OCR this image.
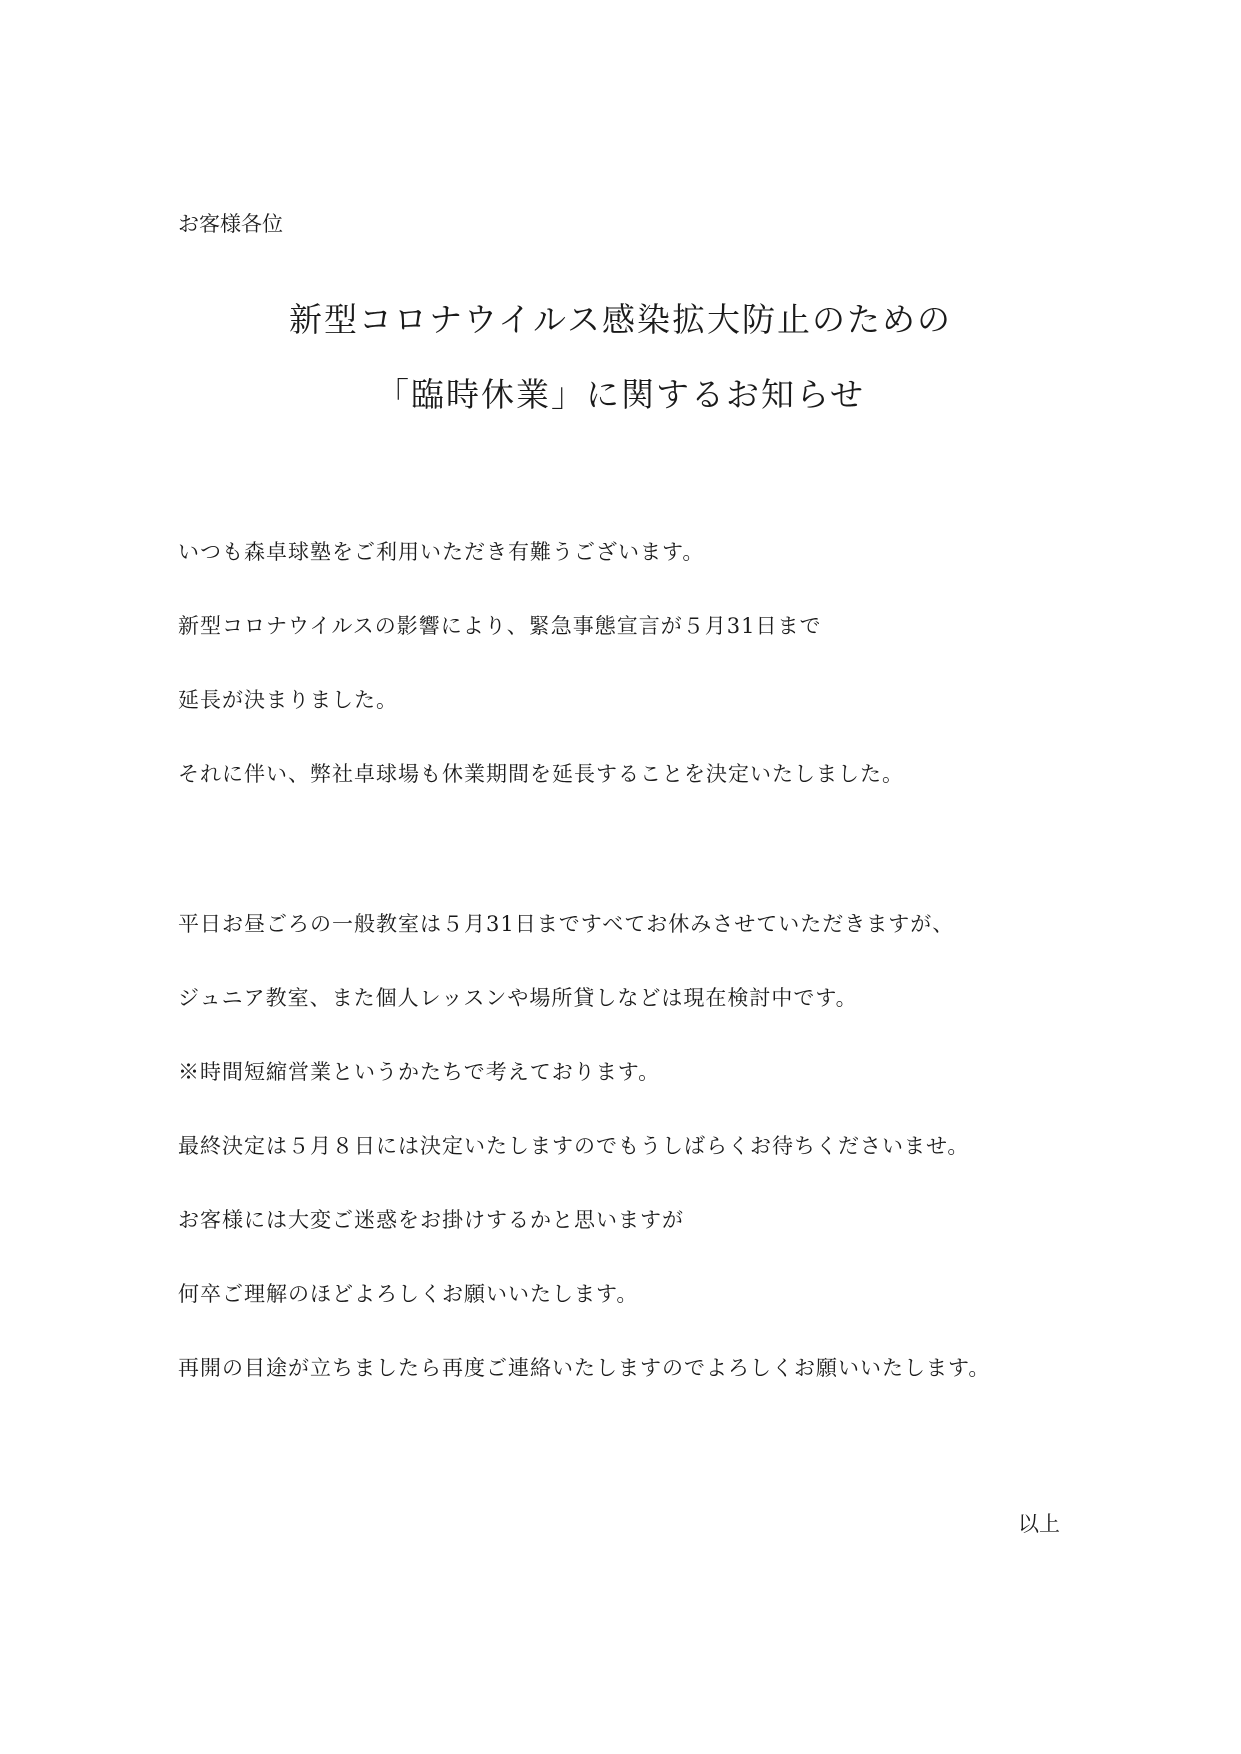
お客様各位
新型コロナウイルス感染拡大防止のための
「臨時休業」に関するお知らせ
いつも森卓球塾をご利用いただき有難うございます。
新型コロナウイルスの影響により、緊急事態宣言が５月31日まで
延長が決まりました。
それに伴い、弊社卓球場も休業期間を延長することを決定いたしました。
平日お昼ごろの一般教室は５月31日まですべてお休みさせていただきますが、
ジュニア教室、また個人レッスンや場所貸しなどは現在検討中です。
※時間短縮営業というかたちで考えております。
最終決定は５月８日には決定いたしますのでもうしばらくお待ちくださいませ。
お客様には大変ご迷惑をお掛けするかと思いますが
何卒ご理解のほどよろしくお願いいたします。
再開の目途が立ちましたら再度ご連絡いたしますのでよろしくお願いいたします。
以上
